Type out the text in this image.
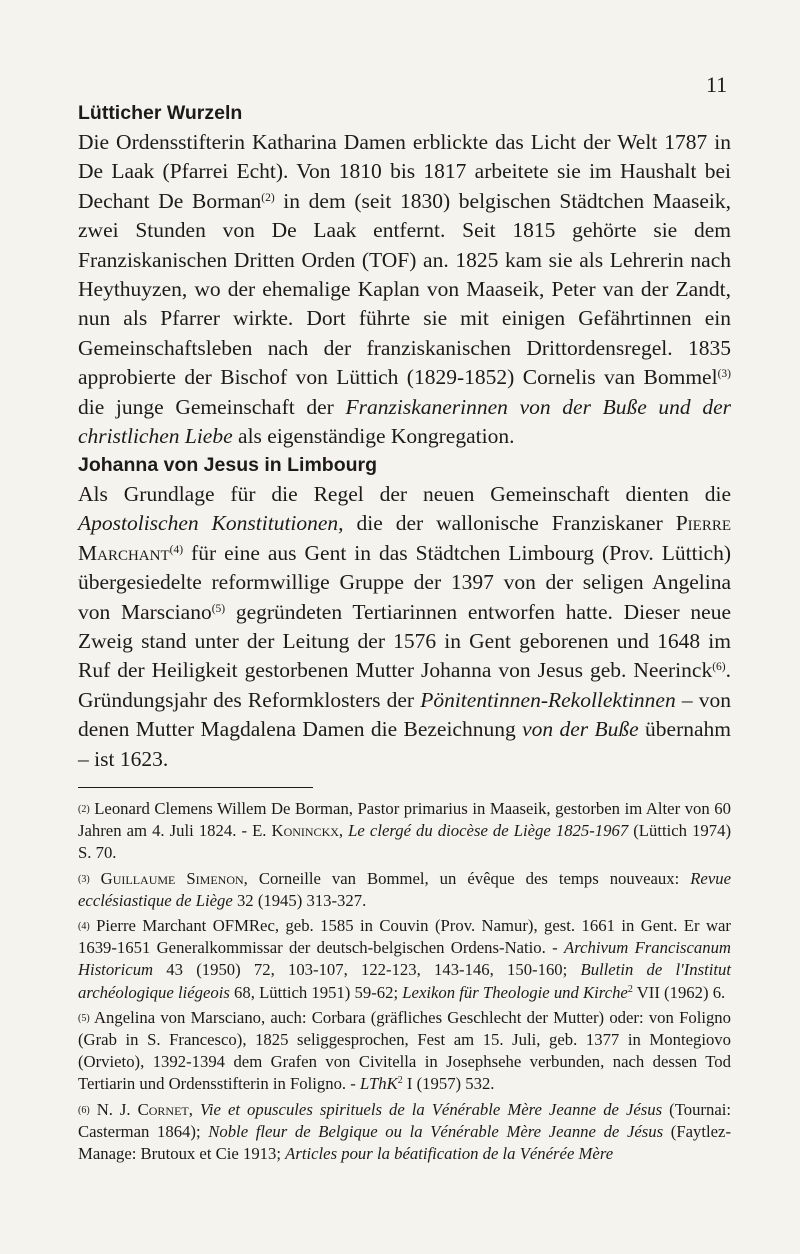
11
Lütticher Wurzeln

Die Ordensstifterin Katharina Damen erblickte das Licht der Welt 1787 in De Laak (Pfarrei Echt). Von 1810 bis 1817 arbeitete sie im Haushalt bei Dechant De Borman$^{(2)}$ in dem (seit 1830) belgischen Städtchen Maaseik, zwei Stunden von De Laak entfernt. Seit 1815 gehörte sie dem Franziskanischen Dritten Orden (TOF) an. 1825 kam sie als Lehrerin nach Heythuyzen, wo der ehemalige Kaplan von Maaseik, Peter van der Zandt, nun als Pfarrer wirkte. Dort führte sie mit einigen Gefährtinnen ein Gemeinschaftsleben nach der franziskanischen Drittordensregel. 1835 approbierte der Bischof von Lüttich (1829-1852) Cornelis van Bommel$^{(3)}$ die junge Gemeinschaft der Franziskanerinnen von der Buße und der christlichen Liebe als eigenständige Kongregation.

Johanna von Jesus in Limbourg

Als Grundlage für die Regel der neuen Gemeinschaft dienten die Apostolischen Konstitutionen, die der wallonische Franziskaner Pierre Marchant$^{(4)}$ für eine aus Gent in das Städtchen Limbourg (Prov. Lüttich) übergesiedelte reformwillige Gruppe der 1397 von der seligen Angelina von Marsciano$^{(5)}$ gegründeten Tertiarinnen entworfen hatte. Dieser neue Zweig stand unter der Leitung der 1576 in Gent geborenen und 1648 im Ruf der Heiligkeit gestorbenen Mutter Johanna von Jesus geb. Neerinck$^{(6)}$. Gründungsjahr des Reformklosters der Pönitentinnen-Rekollektinnen – von denen Mutter Magdalena Damen die Bezeichnung von der Buße übernahm – ist 1623.

$^{(2)}$ Leonard Clemens Willem De Borman, Pastor primarius in Maaseik, gestorben im Alter von 60 Jahren am 4. Juli 1824. - E. Koninckx, Le clergé du diocèse de Liège 1825-1967 (Lüttich 1974) S. 70.

$^{(3)}$ Guillaume Simenon, Corneille van Bommel, un évêque des temps nouveaux: Revue ecclésiastique de Liège 32 (1945) 313-327.

$^{(4)}$ Pierre Marchant OFMRec, geb. 1585 in Couvin (Prov. Namur), gest. 1661 in Gent. Er war 1639-1651 Generalkommissar der deutsch-belgischen Ordens-Natio. - Archivum Franciscanum Historicum 43 (1950) 72, 103-107, 122-123, 143-146, 150-160; Bulletin de l'Institut archéologique liégeois 68, Lüttich 1951) 59-62; Lexikon für Theologie und Kirche$^2$ VII (1962) 6.

$^{(5)}$ Angelina von Marsciano, auch: Corbara (gräfliches Geschlecht der Mutter) oder: von Foligno (Grab in S. Francesco), 1825 seliggesprochen, Fest am 15. Juli, geb. 1377 in Montegiovo (Orvieto), 1392-1394 dem Grafen von Civitella in Josephsehe verbunden, nach dessen Tod Tertiarin und Ordensstifterin in Foligno. - LThK$^2$ I (1957) 532.

$^{(6)}$ N. J. Cornet, Vie et opuscules spirituels de la Vénérable Mère Jeanne de Jésus (Tournai: Casterman 1864); Noble fleur de Belgique ou la Vénérable Mère Jeanne de Jésus (Faytlez-Manage: Brutoux et Cie 1913; Articles pour la béatification de la Vénérée Mère
